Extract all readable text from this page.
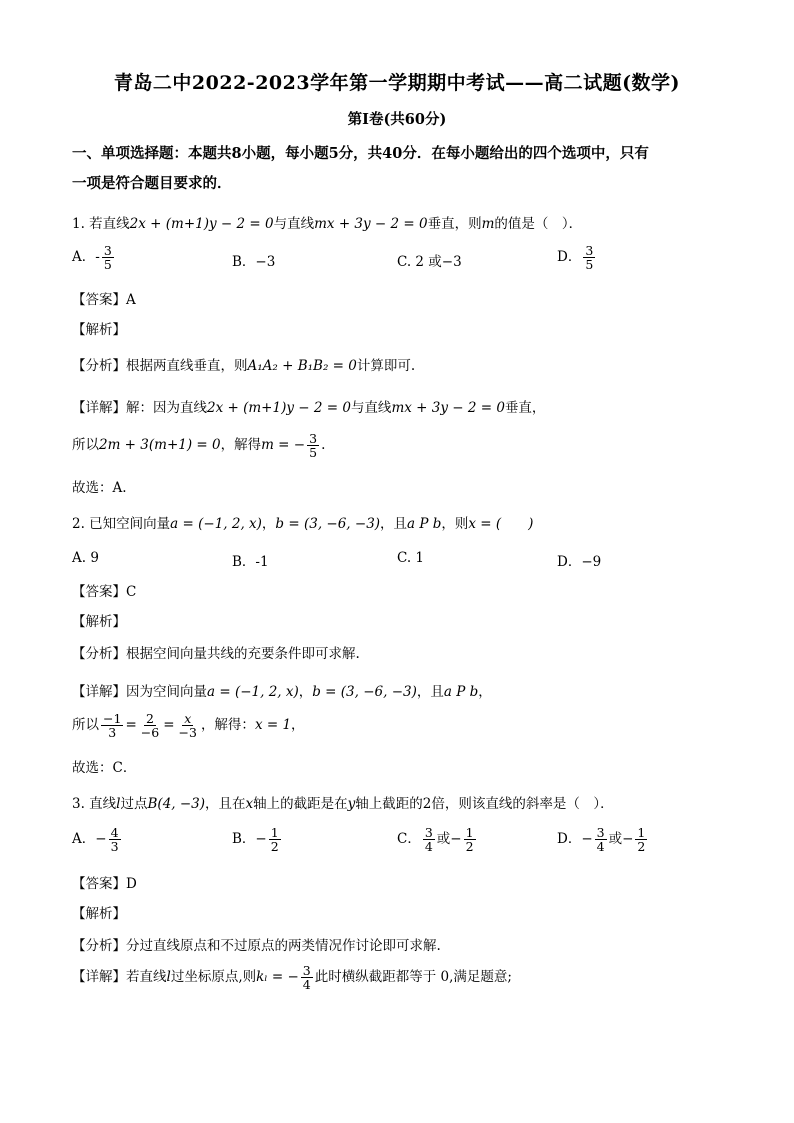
青岛二中2022-2023学年第一学期期中考试——高二试题(数学)
第Ⅰ卷(共60分)
一、单项选择题：本题共8小题，每小题5分，共40分．在每小题给出的四个选项中，只有
一项是符合题目要求的．
1. 若直线2x + (m+1)y − 2 = 0与直线mx + 3y − 2 = 0垂直，则m的值是（　）．
A．- $\frac{3}{5}$	B．−3	C. 2 或−3	D． $\frac{3}{5}$
【答案】A
【解析】
【分析】根据两直线垂直，则A₁A₂ + B₁B₂ = 0计算即可.
【详解】解：因为直线2x + (m+1)y − 2 = 0与直线mx + 3y − 2 = 0垂直，
所以2m + 3(m+1) = 0，解得m = − $\frac{3}{5}$ .
故选：A.
2. 已知空间向量a = (−1, 2, x)，b = (3, −6, −3)，且a P b，则x = (　　)
A. 9	B．-1	C. 1	D．−9
【答案】C
【解析】
【分析】根据空间向量共线的充要条件即可求解.
【详解】因为空间向量a = (−1, 2, x)，b = (3, −6, −3)，且a P b，
所以 $\frac{-1}{3} = \frac{2}{-6} = \frac{x}{-3}$ ，解得：x = 1，
故选：C．
3. 直线l过点B(4, −3)，且在x轴上的截距是在y轴上截距的2倍，则该直线的斜率是（　）．
A．− $\frac{4}{3}$	B．− $\frac{1}{2}$	C． $\frac{3}{4}$ 或− $\frac{1}{2}$	D．− $\frac{3}{4}$ 或− $\frac{1}{2}$
【答案】D
【解析】
【分析】分过直线原点和不过原点的两类情况作讨论即可求解.
【详解】若直线l过坐标原点,则kₗ = − $\frac{3}{4}$ 此时横纵截距都等于 0,满足题意;
